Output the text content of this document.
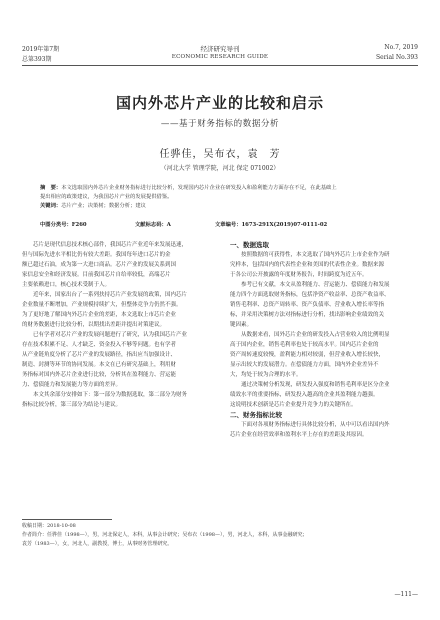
2019年第7期	经济研究导刊	No.7, 2019
总第393期	ECONOMIC RESEARCH GUIDE	Serial No.393
国内外芯片产业的比较和启示
——基于财务指标的数据分析
任骅佳，吴布衣，袁　芳
（河北大学 管理学院，河北 保定 071002）
摘　要：本文选取国内外芯片企业财务指标进行比较分析，发现国内芯片企业在研发投入和盈利能力方面存在不足，在此基础上
提出相应的政策建议，为我国芯片产业的发展提供借鉴。
关键词：芯片产业；决策树；数据分析；建议
中图分类号：F260	文献标志码：A	文章编号：1673-291X(2019)07-0111-02
芯片是现代信息技术核心部件，我国芯片产业近年来发展迅速，
但与国际先进水平相比仍有较大差距。我国每年进口芯片的金
额已超过石油，成为第一大进口商品。芯片产业的发展关系到国
家信息安全和经济发展。目前我国芯片自给率较低，高端芯片
主要依赖进口，核心技术受制于人。
近年来，国家出台了一系列扶持芯片产业发展的政策，国内芯片
企业数量不断增加，产业规模持续扩大，但整体竞争力仍然不强。
为了更好地了解国内外芯片企业的差距，本文选取上市芯片企业
的财务数据进行比较分析，以期找出差距并提出对策建议。
已有学者对芯片产业的发展问题进行了研究，认为我国芯片产业
存在技术积累不足、人才缺乏、资金投入不够等问题。也有学者
从产业链角度分析了芯片产业的发展路径，指出应当加强设计、
制造、封测等环节的协同发展。本文在已有研究基础上，利用财
务指标对国内外芯片企业进行比较，分析其在盈利能力、营运能
力、偿债能力和发展能力等方面的差异。
本文其余部分安排如下：第一部分为数据选取，第二部分为财务
指标比较分析，第三部分为结论与建议。
一、数据选取
按照数据的可获得性，本文选取了国内外芯片上市企业作为研
究样本，包括国内的代表性企业和美国的代表性企业。数据来源
于各公司公开披露的年度财务报告，时间跨度为近五年。
参考已有文献，本文从盈利能力、营运能力、偿债能力和发展
能力四个方面选取财务指标，包括净资产收益率、总资产收益率、
销售毛利率、总资产周转率、资产负债率、营业收入增长率等指
标，并采用决策树方法对指标进行分析，找出影响企业绩效的关
键因素。
从数据来看，国外芯片企业的研发投入占营业收入的比例明显
高于国内企业，销售毛利率也处于较高水平。国内芯片企业的
资产周转速度较慢，盈利能力相对较弱，但营业收入增长较快，
显示出较大的发展潜力。在偿债能力方面，国内外企业差异不
大，均处于较为合理的水平。
通过决策树分析发现，研发投入强度和销售毛利率是区分企业
绩效水平的重要指标，研发投入越高的企业其盈利能力越强。
这说明技术创新是芯片企业提升竞争力的关键所在。
二、财务指标比较
下面对各项财务指标进行具体比较分析，从中可以看出国内外
芯片企业在经营效率和盈利水平上存在的差距及其原因。
收稿日期：2018-10-08
作者简介：任骅佳（1998—），男，河北保定人，本科，从事会计研究；吴布衣（1998—），男，河北人，本科，从事金融研究；
袁芳（1983—），女，河北人，副教授，博士，从事财务管理研究。
—111—
